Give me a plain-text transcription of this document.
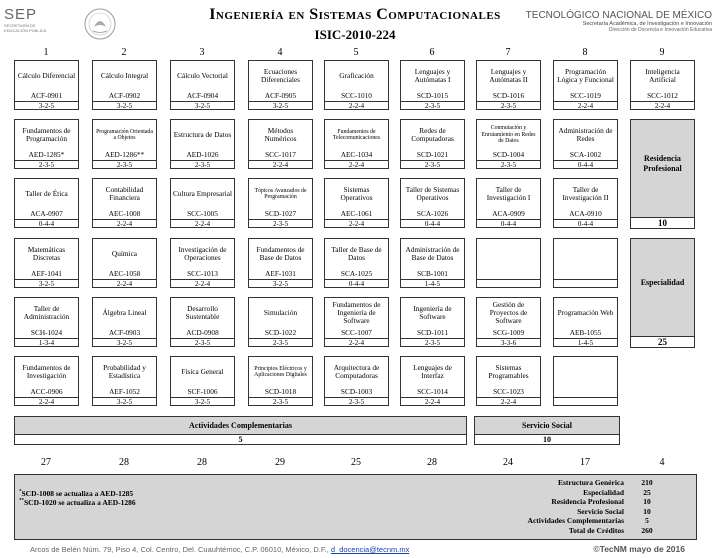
SEP
SECRETARÍA DE
EDUCACIÓN PÚBLICA
Ingeniería en Sistemas Computacionales
ISIC-2010-224
TECNOLÓGICO NACIONAL DE MÉXICO
Secretaría Académica, de Investigación e Innovación
Dirección de Docencia e Innovación Educativa
1	2	3	4	5	6	7	8	9
Cálculo Diferencial
ACF-0901
3-2-5
Cálculo Integral
ACF-0902
3-2-5
Cálculo Vectorial
ACF-0904
3-2-5
Ecuaciones Diferenciales
ACF-0905
3-2-5
Graficación
SCC-1010
2-2-4
Lenguajes y Autómatas I
SCD-1015
2-3-5
Lenguajes y Autómatas II
SCD-1016
2-3-5
Programación Lógica y Funcional
SCC-1019
2-2-4
Fundamentos de Programación
AED-1285*
2-3-5
Programación Orientada a Objetos
AED-1286**
2-3-5
Estructura de Datos
AED-1026
2-3-5
Métodos Numéricos
SCC-1017
2-2-4
Fundamentos de Telecomunicaciones
AEC-1034
2-2-4
Redes de Computadoras
SCD-1021
2-3-5
Conmutación y Enrutamiento en Redes de Datos
SCD-1004
2-3-5
Administración de Redes
SCA-1002
0-4-4
Taller de Ética
ACA-0907
0-4-4
Contabilidad Financiera
AEC-1008
2-2-4
Cultura Empresarial
SCC-1005
2-2-4
Tópicos Avanzados de Programación
SCD-1027
2-3-5
Sistemas Operativos
AEC-1061
2-2-4
Taller de Sistemas Operativos
SCA-1026
0-4-4
Taller de Investigación I
ACA-0909
0-4-4
Taller de Investigación II
ACA-0910
0-4-4
Matemáticas Discretas
AEF-1041
3-2-5
Química
AEC-1058
2-2-4
Investigación de Operaciones
SCC-1013
2-2-4
Fundamentos de Base de Datos
AEF-1031
3-2-5
Taller de Base de Datos
SCA-1025
0-4-4
Administración de Base de Datos
SCB-1001
1-4-5
Taller de Administración
SCH-1024
1-3-4
Álgebra Lineal
ACF-0903
3-2-5
Desarrollo Sustentable
ACD-0908
2-3-5
Simulación
SCD-1022
2-3-5
Fundamentos de Ingeniería de Software
SCC-1007
2-2-4
Ingeniería de Software
SCD-1011
2-3-5
Gestión de Proyectos de Software
SCG-1009
3-3-6
Programación Web
AEB-1055
1-4-5
Fundamentos de Investigación
ACC-0906
2-2-4
Probabilidad y Estadística
AEF-1052
3-2-5
Física General
SCF-1006
3-2-5
Principios Eléctricos y Aplicaciones Digitales
SCD-1018
2-3-5
Arquitectura de Computadoras
SCD-1003
2-3-5
Lenguajes de Interfaz
SCC-1014
2-2-4
Sistemas Programables
SCC-1023
2-2-4
Inteligencia Artificial
SCC-1012
2-2-4
Residencia Profesional
10
Especialidad
25
Actividades Complementarias
5
Servicio Social
10
27	28	28	29	25	28	24	17	4
*SCD-1008 se actualiza a AED-1285
**SCD-1020 se actualiza a AED-1286
Estructura Genérica	210
Especialidad	25
Residencia Profesional	10
Servicio Social	10
Actividades Complementarias	5
Total de Créditos	260
Arcos de Belén Núm. 79, Piso 4, Col. Centro, Del. Cuauhtémoc, C.P. 06010, México, D.F., d_docencia@tecnm.mx	©TecNM mayo de 2016
